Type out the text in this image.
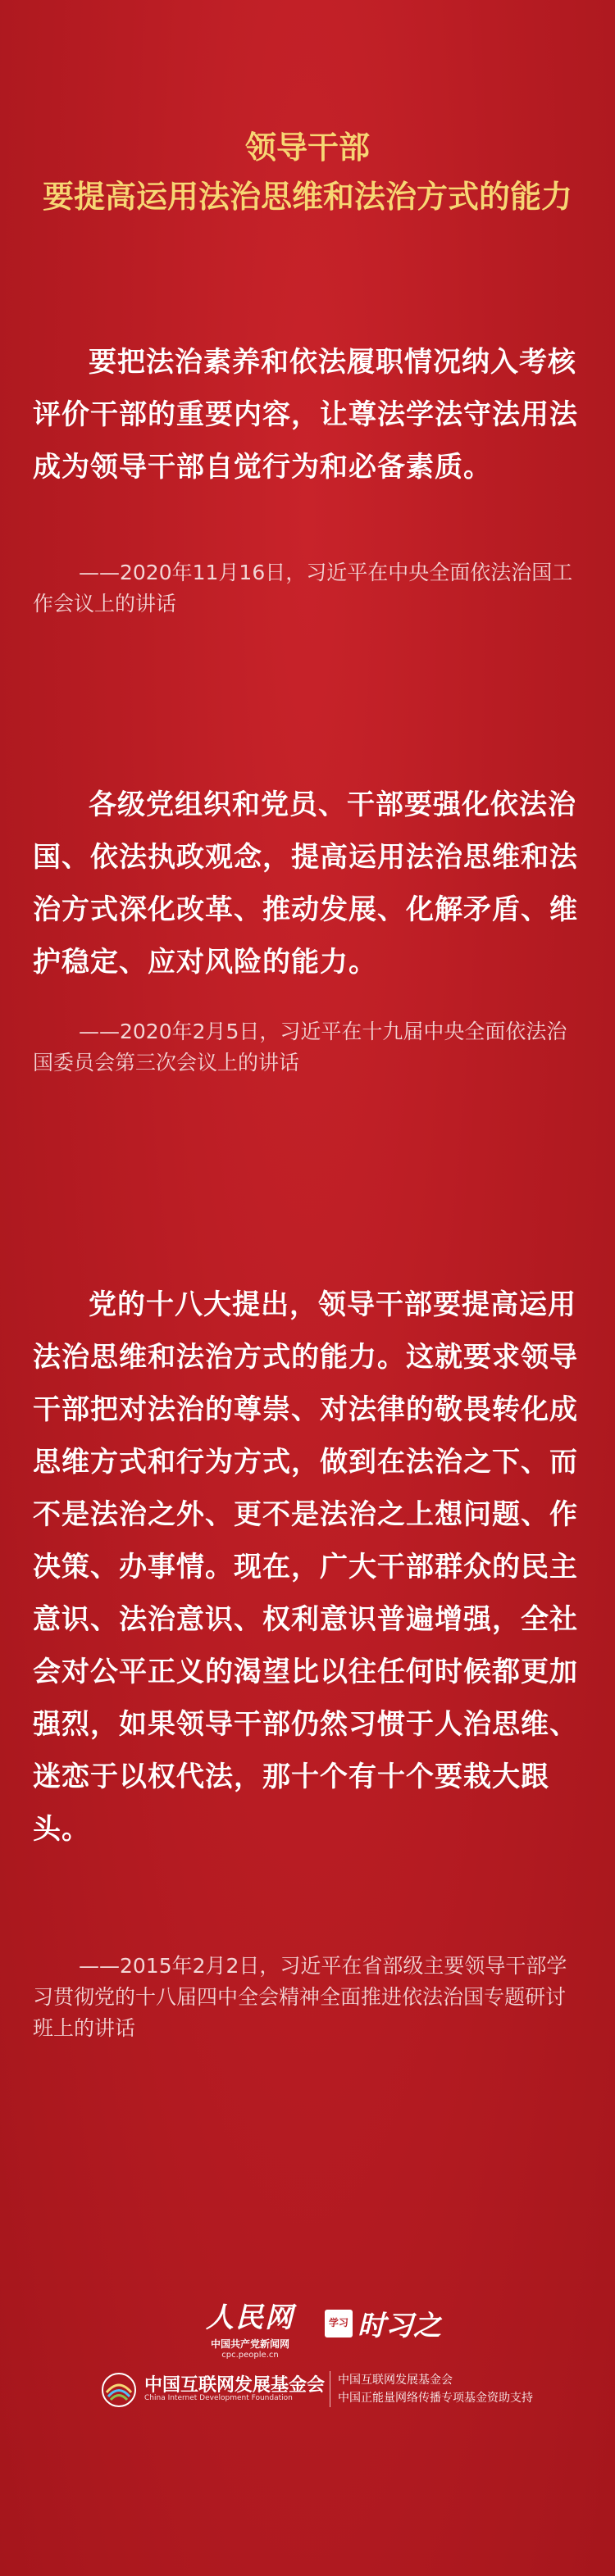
领导干部
要提高运用法治思维和法治方式的能力

要把法治素养和依法履职情况纳入考核评价干部的重要内容，让尊法学法守法用法成为领导干部自觉行为和必备素质。

——2020年11月16日，习近平在中央全面依法治国工作会议上的讲话

各级党组织和党员、干部要强化依法治国、依法执政观念，提高运用法治思维和法治方式深化改革、推动发展、化解矛盾、维护稳定、应对风险的能力。

——2020年2月5日，习近平在十九届中央全面依法治国委员会第三次会议上的讲话

党的十八大提出，领导干部要提高运用法治思维和法治方式的能力。这就要求领导干部把对法治的尊崇、对法律的敬畏转化成思维方式和行为方式，做到在法治之下、而不是法治之外、更不是法治之上想问题、作决策、办事情。现在，广大干部群众的民主意识、法治意识、权利意识普遍增强，全社会对公平正义的渴望比以往任何时候都更加强烈，如果领导干部仍然习惯于人治思维、迷恋于以权代法，那十个有十个要栽大跟头。

——2015年2月2日，习近平在省部级主要领导干部学习贯彻党的十八届四中全会精神全面推进依法治国专题研讨班上的讲话

人民网
中国共产党新闻网
cpc.people.cn
学习 时习之
中国互联网发展基金会
China Internet Development Foundation
中国互联网发展基金会
中国正能量网络传播专项基金资助支持
